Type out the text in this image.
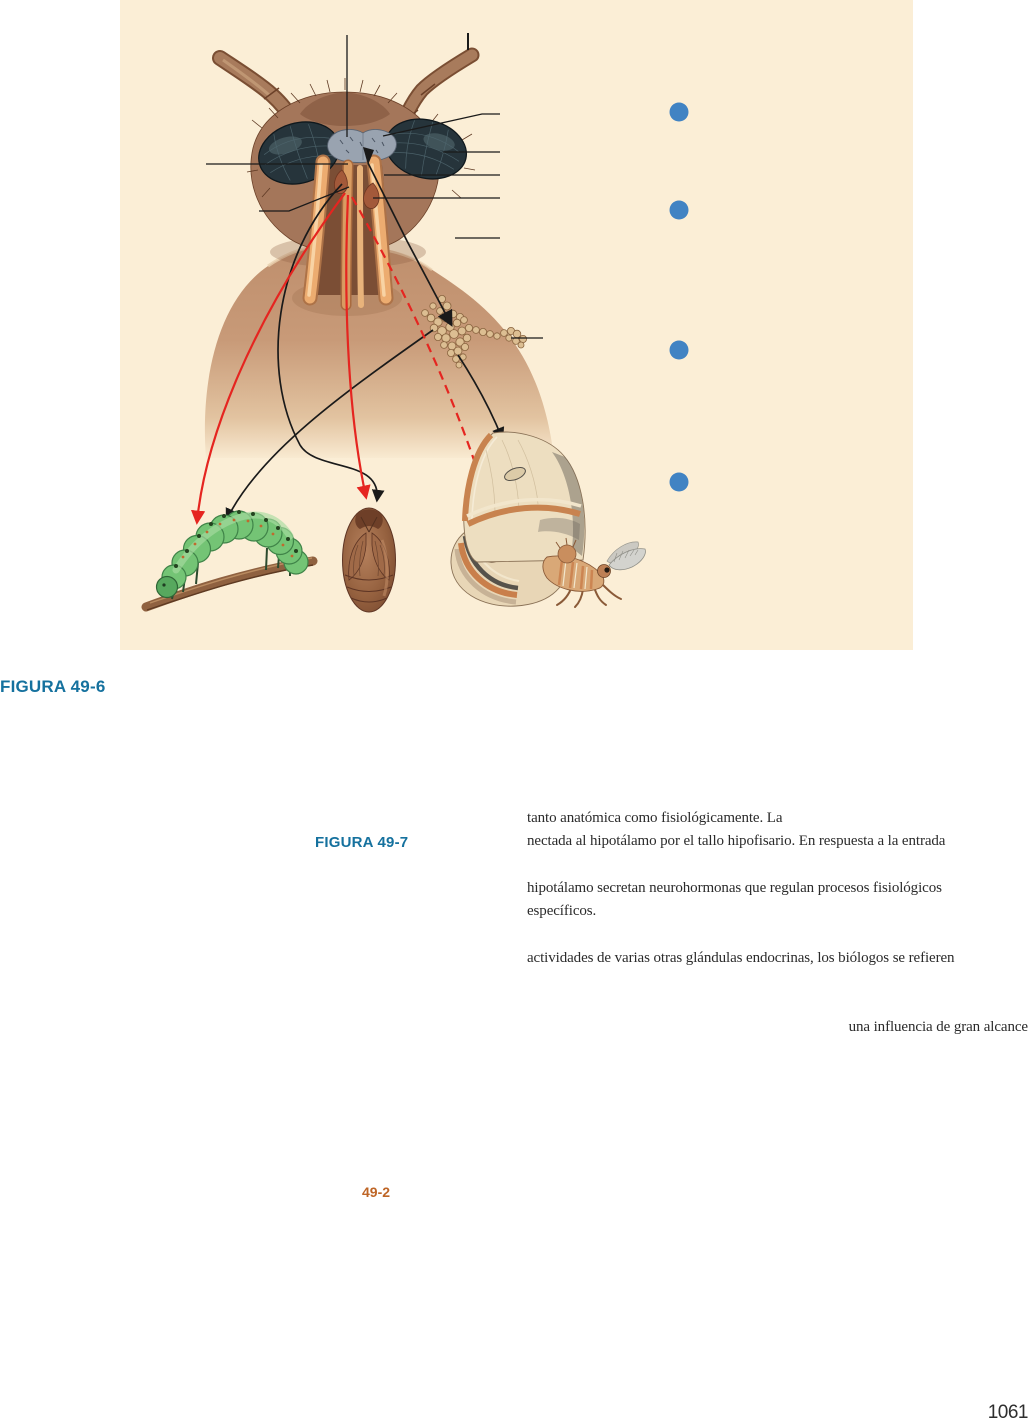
FIGURA 49-6
FIGURA 49-7
tanto anatómica como fisiológicamente. La
nectada al hipotálamo por el tallo hipofisario. En respuesta a la entrada
hipotálamo secretan neurohormonas que regulan procesos fisiológicos
específicos.
actividades de varias otras glándulas endocrinas, los biólogos se refieren
una influencia de gran alcance
49-2
1061
